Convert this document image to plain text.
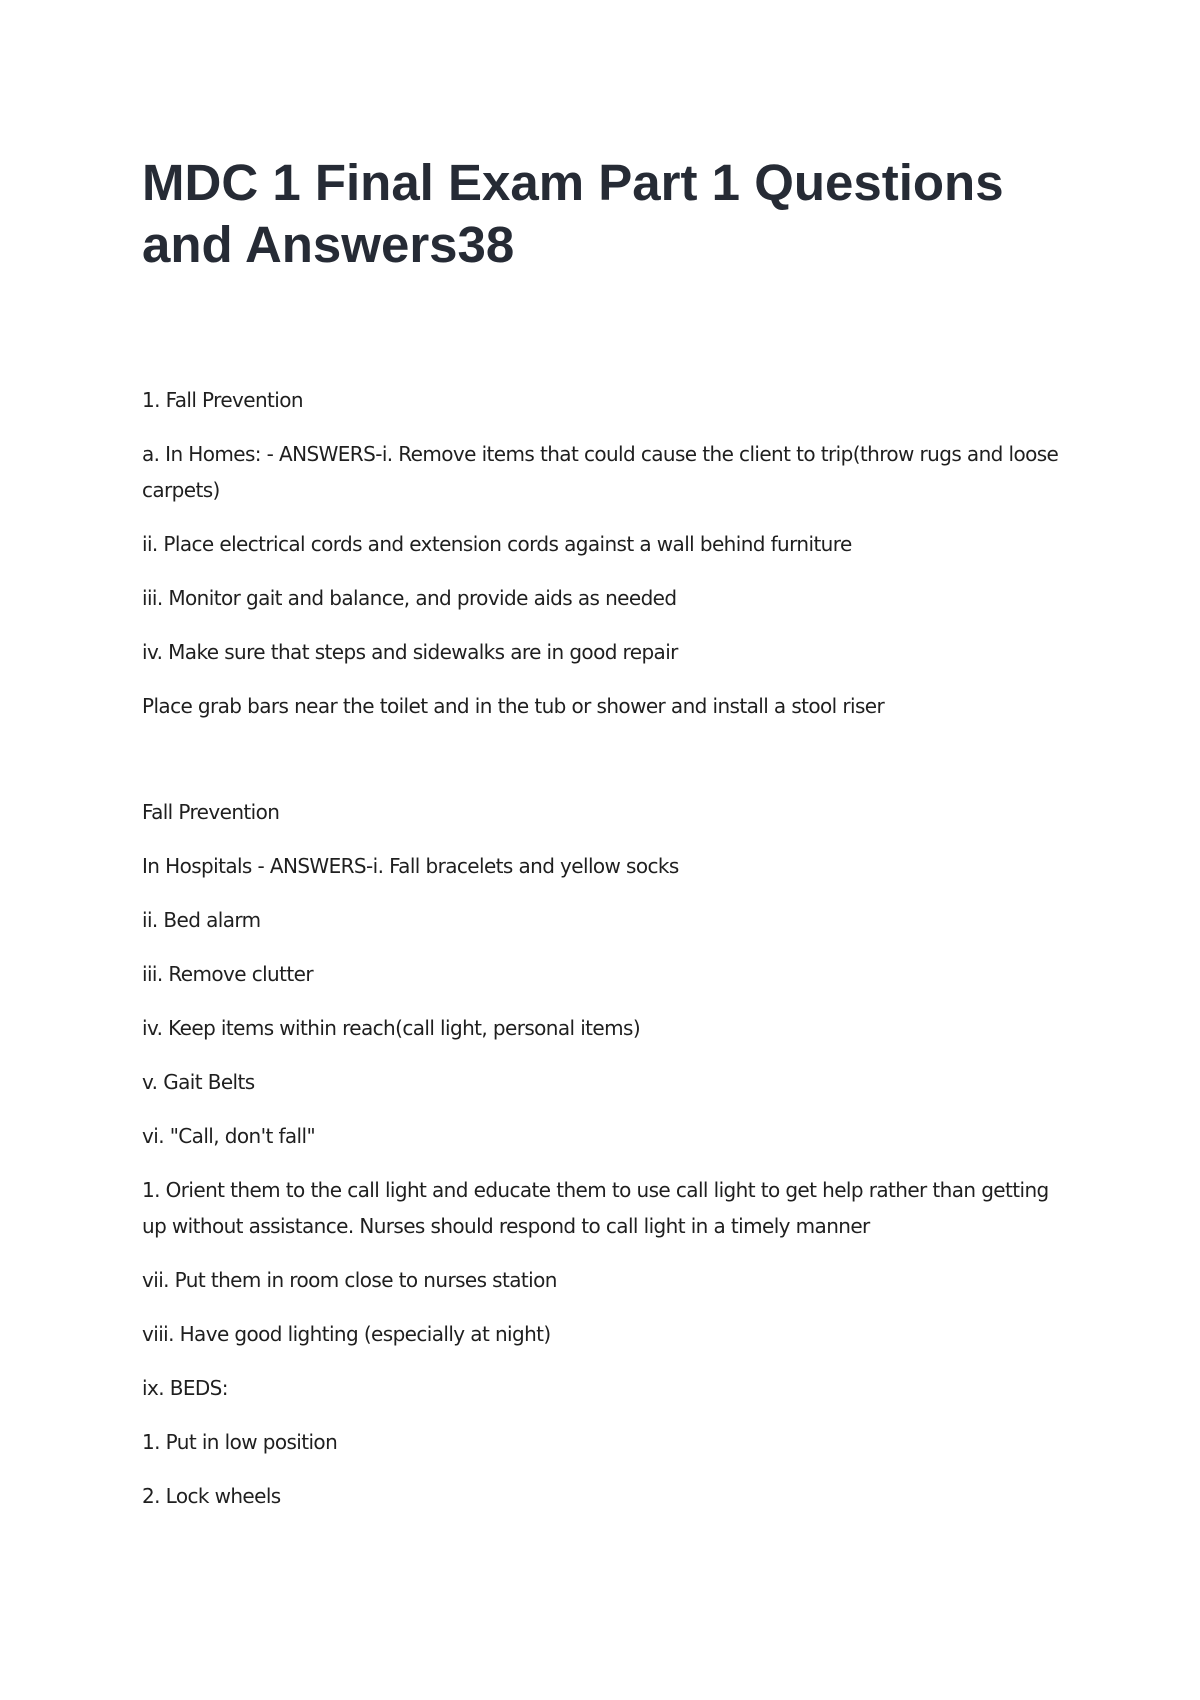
MDC 1 Final Exam Part 1 Questions and Answers38

1. Fall Prevention

a. In Homes: - ANSWERS-i. Remove items that could cause the client to trip(throw rugs and loose carpets)

ii. Place electrical cords and extension cords against a wall behind furniture

iii. Monitor gait and balance, and provide aids as needed

iv. Make sure that steps and sidewalks are in good repair

Place grab bars near the toilet and in the tub or shower and install a stool riser

Fall Prevention

In Hospitals - ANSWERS-i. Fall bracelets and yellow socks

ii. Bed alarm

iii. Remove clutter

iv. Keep items within reach(call light, personal items)

v. Gait Belts

vi. "Call, don't fall"

1. Orient them to the call light and educate them to use call light to get help rather than getting up without assistance. Nurses should respond to call light in a timely manner

vii. Put them in room close to nurses station

viii. Have good lighting (especially at night)

ix. BEDS:

1. Put in low position

2. Lock wheels
